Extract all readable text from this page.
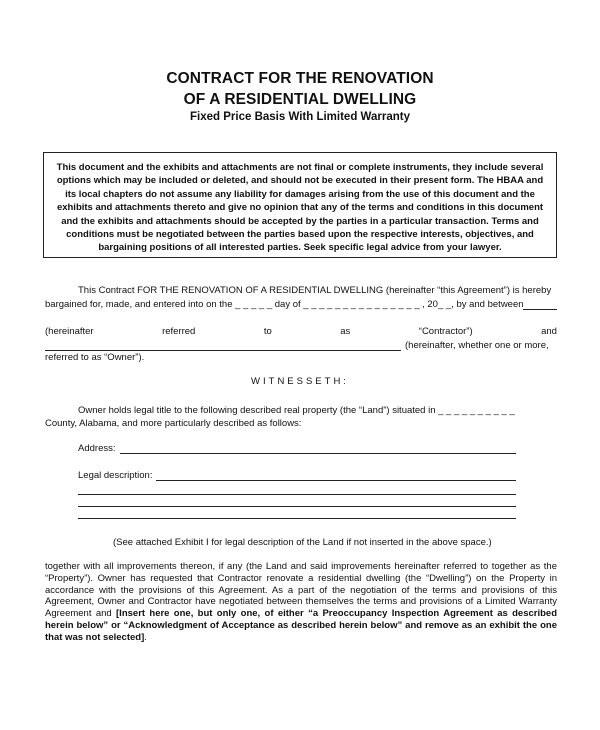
CONTRACT FOR THE RENOVATION
OF A RESIDENTIAL DWELLING
Fixed Price Basis With Limited Warranty
This document and the exhibits and attachments are not final or complete instruments, they include several options which may be included or deleted, and should not be executed in their present form. The HBAA and its local chapters do not assume any liability for damages arising from the use of this document and the exhibits and attachments thereto and give no opinion that any of the terms and conditions in this document and the exhibits and attachments should be accepted by the parties in a particular transaction. Terms and conditions must be negotiated between the parties based upon the respective interests, objectives, and bargaining positions of all interested parties. Seek specific legal advice from your lawyer.
This Contract FOR THE RENOVATION OF A RESIDENTIAL DWELLING (hereinafter “this Agreement”) is hereby
bargained for, made, and entered into on the _ _ _ _ _ day of _ _ _ _ _ _ _ _ _ _ _ _ _ _ _ , 20_ _, by and between
(hereinafter	referred	to	as	“Contractor”)	and
(hereinafter, whether one or more,
referred to as “Owner”).
WITNESSETH:
Owner holds legal title to the following described real property (the “Land”) situated in _ _ _ _ _ _ _ _ _ _
County, Alabama, and more particularly described as follows:
Address:
Legal description:
(See attached Exhibit I for legal description of the Land if not inserted in the above space.)
together with all improvements thereon, if any (the Land and said improvements hereinafter referred to together as the “Property”). Owner has requested that Contractor renovate a residential dwelling (the “Dwelling”) on the Property in accordance with the provisions of this Agreement. As a part of the negotiation of the terms and provisions of this Agreement, Owner and Contractor have negotiated between themselves the terms and provisions of a Limited Warranty Agreement and [Insert here one, but only one, of either “a Preoccupancy Inspection Agreement as described herein below” or “Acknowledgment of Acceptance as described herein below” and remove as an exhibit the one that was not selected].
